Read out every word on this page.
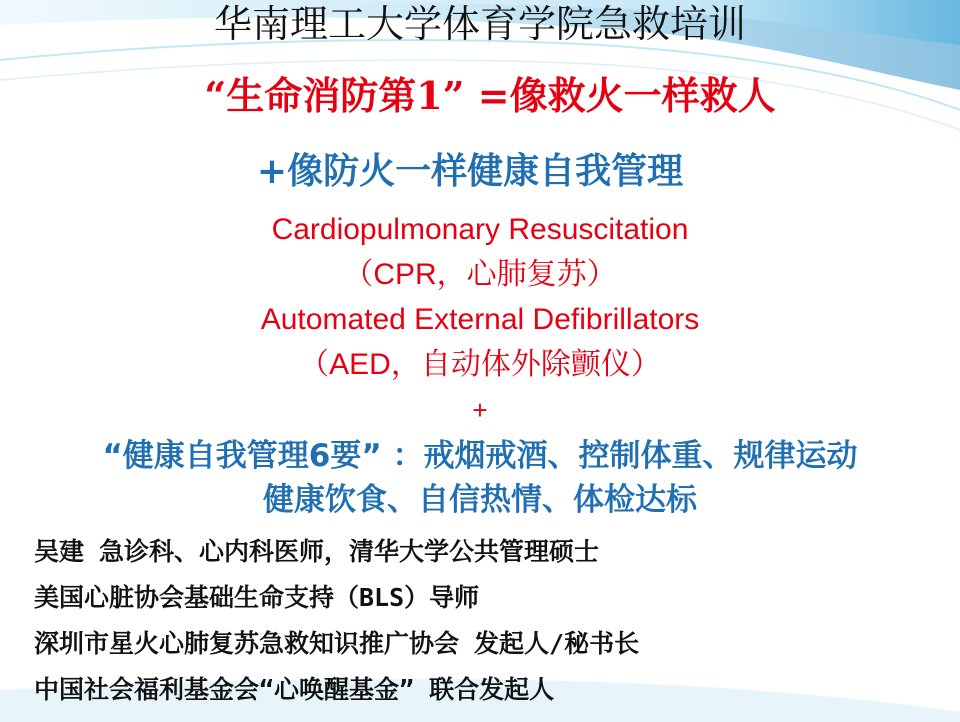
华南理工大学体育学院急救培训
“生命消防第1” =像救火一样救人
+像防火一样健康自我管理
Cardiopulmonary Resuscitation
（CPR，心肺复苏）
Automated External Defibrillators
（AED，自动体外除颤仪）
+
“健康自我管理6要” ：戒烟戒酒、控制体重、规律运动
健康饮食、自信热情、体检达标
吴建 急诊科、心内科医师，清华大学公共管理硕士
美国心脏协会基础生命支持（BLS）导师
深圳市星火心肺复苏急救知识推广协会 发起人/秘书长
中国社会福利基金会“心唤醒基金” 联合发起人
